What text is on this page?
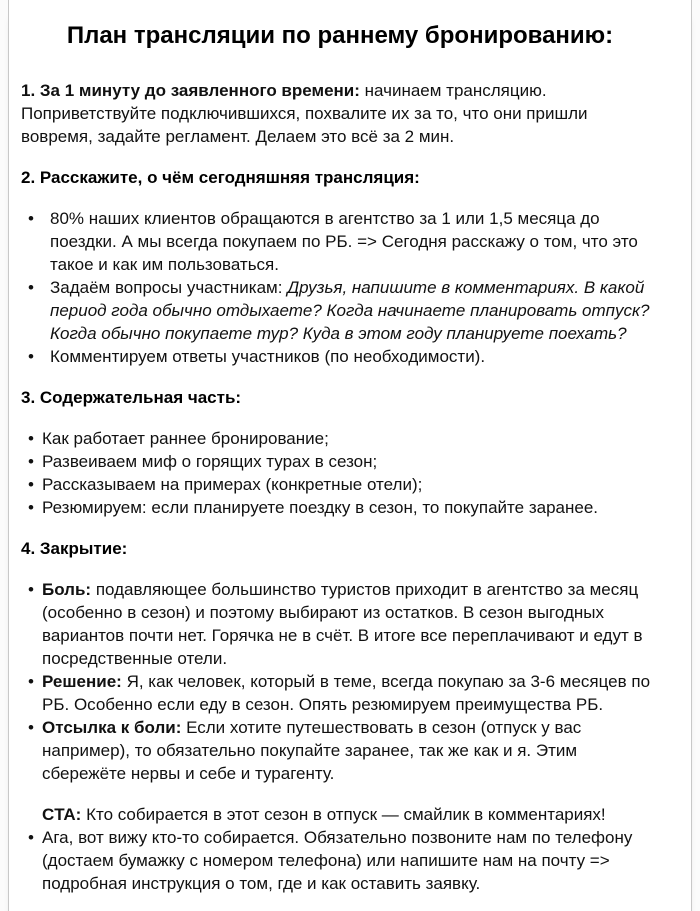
План трансляции по раннему бронированию:

1. За 1 минуту до заявленного времени: начинаем трансляцию. Поприветствуйте подключившихся, похвалите их за то, что они пришли вовремя, задайте регламент. Делаем это всё за 2 мин.

2. Расскажите, о чём сегодняшняя трансляция:
• 80% наших клиентов обращаются в агентство за 1 или 1,5 месяца до поездки. А мы всегда покупаем по РБ. => Сегодня расскажу о том, что это такое и как им пользоваться.
• Задаём вопросы участникам: Друзья, напишите в комментариях. В какой период года обычно отдыхаете? Когда начинаете планировать отпуск? Когда обычно покупаете тур? Куда в этом году планируете поехать?
• Комментируем ответы участников (по необходимости).
3. Содержательная часть:
• Как работает раннее бронирование;
• Развеиваем миф о горящих турах в сезон;
• Рассказываем на примерах (конкретные отели);
• Резюмируем: если планируете поездку в сезон, то покупайте заранее.
4. Закрытие:
• Боль: подавляющее большинство туристов приходит в агентство за месяц (особенно в сезон) и поэтому выбирают из остатков. В сезон выгодных вариантов почти нет. Горячка не в счёт. В итоге все переплачивают и едут в посредственные отели.
• Решение: Я, как человек, который в теме, всегда покупаю за 3-6 месяцев по РБ. Особенно если еду в сезон. Опять резюмируем преимущества РБ.
• Отсылка к боли: Если хотите путешествовать в сезон (отпуск у вас например), то обязательно покупайте заранее, так же как и я. Этим сбережёте нервы и себе и турагенту.

CTA: Кто собирается в этот сезон в отпуск — смайлик в комментариях!

• Ага, вот вижу кто-то собирается. Обязательно позвоните нам по телефону (достаем бумажку с номером телефона) или напишите нам на почту => подробная инструкция о том, где и как оставить заявку.
